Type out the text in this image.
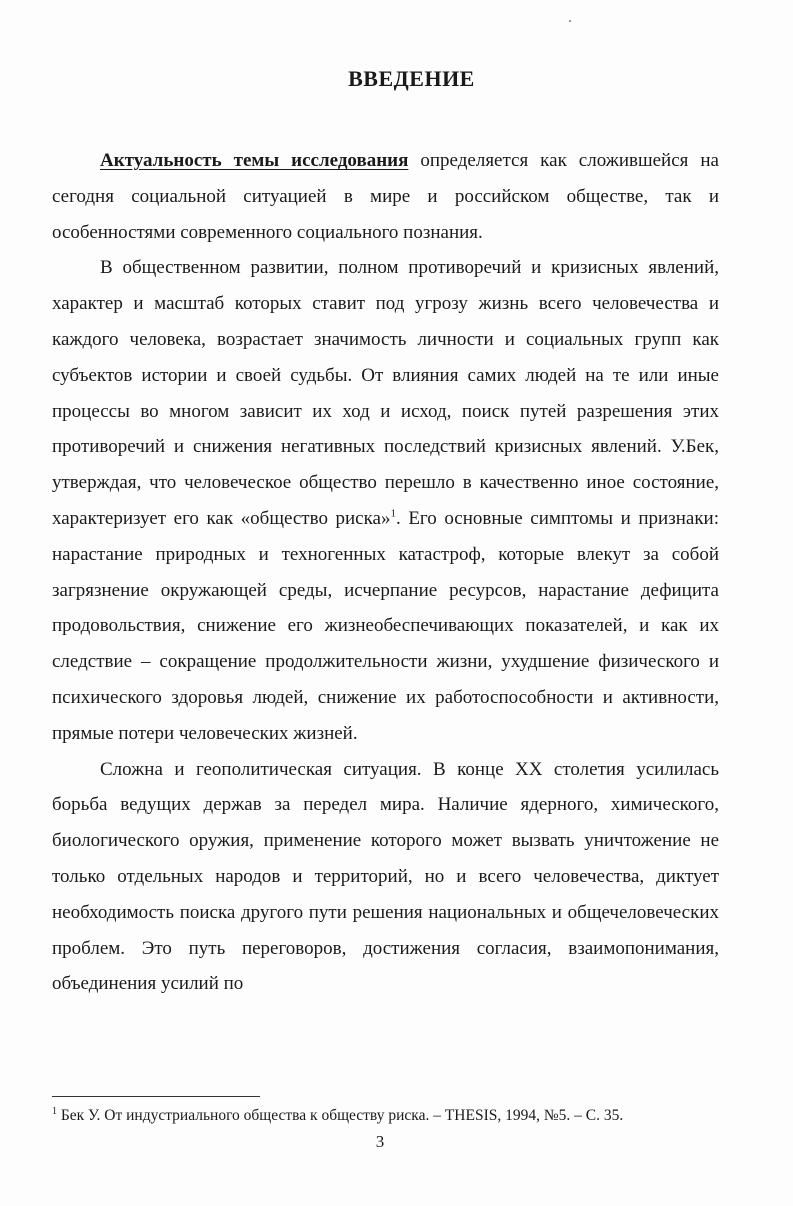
ВВЕДЕНИЕ

Актуальность темы исследования определяется как сложившейся на сегодня социальной ситуацией в мире и российском обществе, так и особенностями современного социального познания.

В общественном развитии, полном противоречий и кризисных явлений, характер и масштаб которых ставит под угрозу жизнь всего человечества и каждого человека, возрастает значимость личности и социальных групп как субъектов истории и своей судьбы. От влияния самих людей на те или иные процессы во многом зависит их ход и исход, поиск путей разрешения этих противоречий и снижения негативных последствий кризисных явлений. У.Бек, утверждая, что человеческое общество перешло в качественно иное состояние, характеризует его как «общество риска»$^1$. Его основные симптомы и признаки: нарастание природных и техногенных катастроф, которые влекут за собой загрязнение окружающей среды, исчерпание ресурсов, нарастание дефицита продовольствия, снижение его жизнеобеспечивающих показателей, и как их следствие – сокращение продолжительности жизни, ухудшение физического и психического здоровья людей, снижение их работоспособности и активности, прямые потери человеческих жизней.

Сложна и геополитическая ситуация. В конце XX столетия усилилась борьба ведущих держав за передел мира. Наличие ядерного, химического, биологического оружия, применение которого может вызвать уничтожение не только отдельных народов и территорий, но и всего человечества, диктует необходимость поиска другого пути решения национальных и общечеловеческих проблем. Это путь переговоров, достижения согласия, взаимопонимания, объединения усилий по

$^1$ Бек У. От индустриального общества к обществу риска. – THESIS, 1994, №5. – С. 35.

3
